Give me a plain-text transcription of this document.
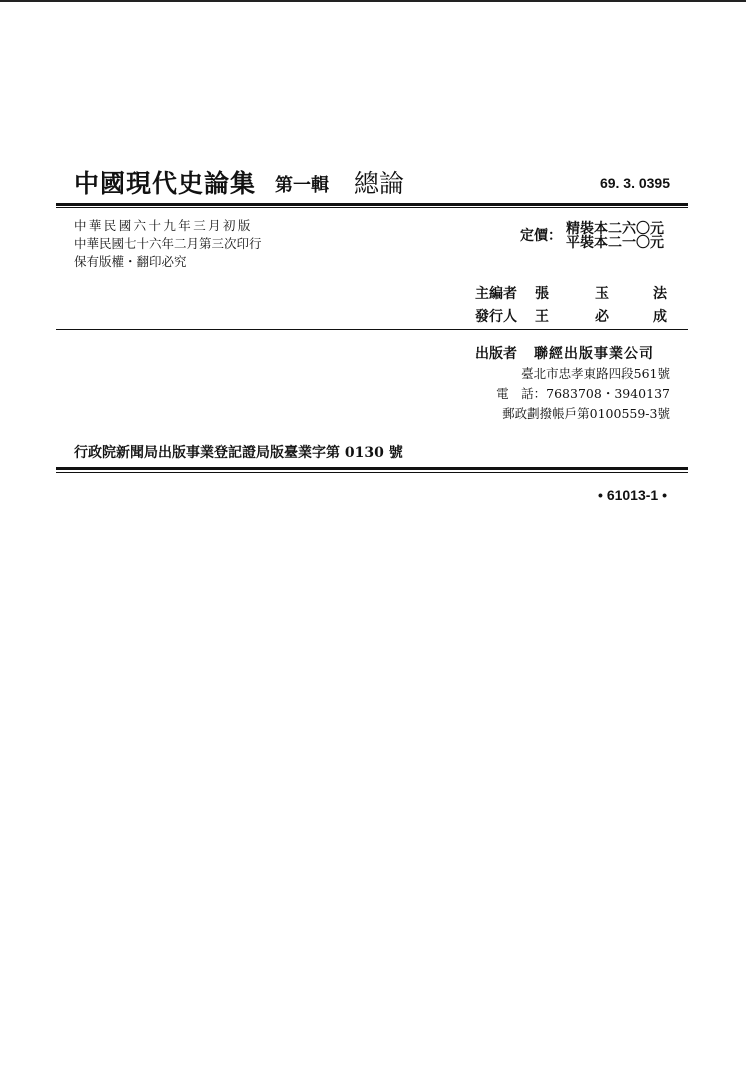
中國現代史論集 第一輯 總論	69. 3. 0395
中華民國六十九年三月初版
中華民國七十六年二月第三次印行
保有版權・翻印必究
定價： 精裝本二六〇元
平裝本二一〇元
主編者 張	玉	法
發行人 王	必	成
出版者 聯經出版事業公司
臺北市忠孝東路四段561號
電　話：7683708・3940137
郵政劃撥帳戶第0100559-3號
行政院新聞局出版事業登記證局版臺業字第 0130 號
• 61013-1 •
